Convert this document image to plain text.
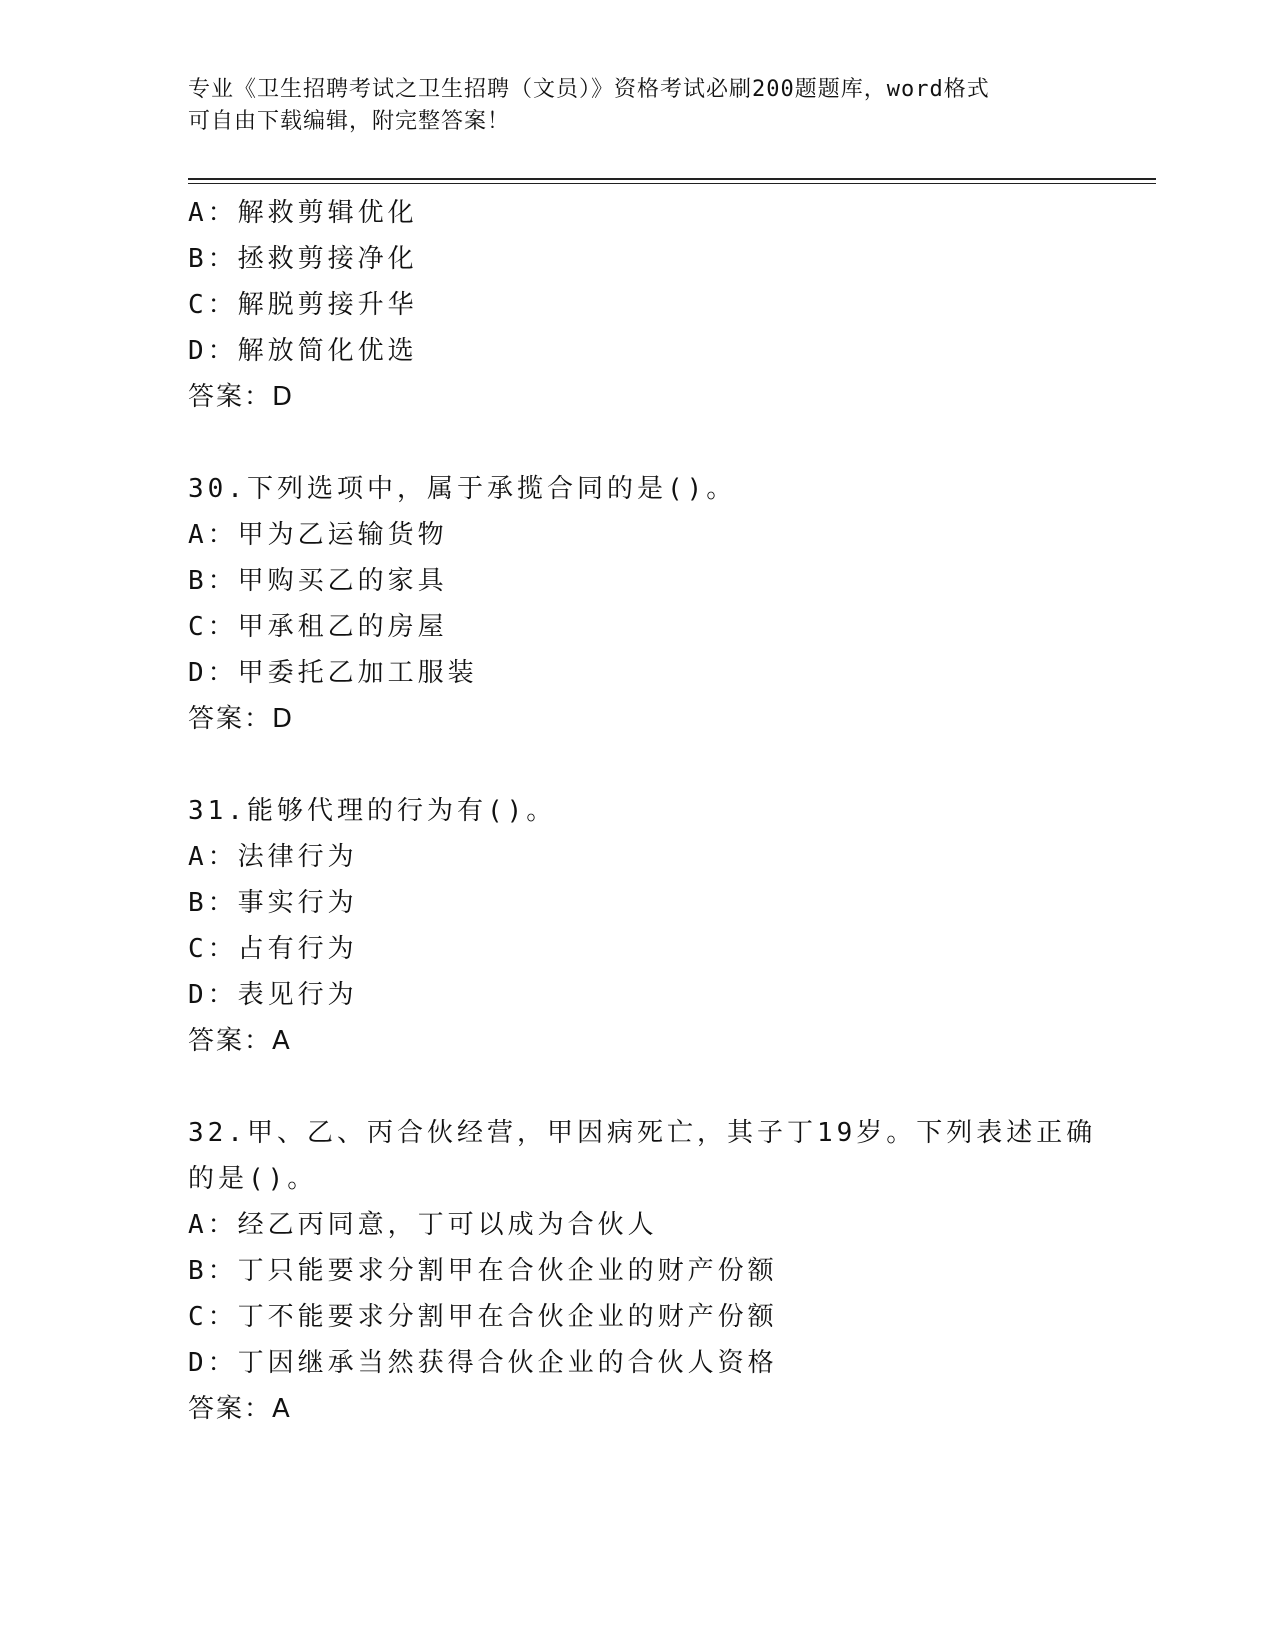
专业《卫生招聘考试之卫生招聘（文员）》资格考试必刷200题题库，word格式
可自由下载编辑，附完整答案！
A：解救剪辑优化
B：拯救剪接净化
C：解脱剪接升华
D：解放简化优选
答案：D
30.下列选项中，属于承揽合同的是()。
A：甲为乙运输货物
B：甲购买乙的家具
C：甲承租乙的房屋
D：甲委托乙加工服装
答案：D
31.能够代理的行为有()。
A：法律行为
B：事实行为
C：占有行为
D：表见行为
答案：A
32.甲、乙、丙合伙经营，甲因病死亡，其子丁19岁。下列表述正确
的是()。
A：经乙丙同意，丁可以成为合伙人
B：丁只能要求分割甲在合伙企业的财产份额
C：丁不能要求分割甲在合伙企业的财产份额
D：丁因继承当然获得合伙企业的合伙人资格
答案：A
